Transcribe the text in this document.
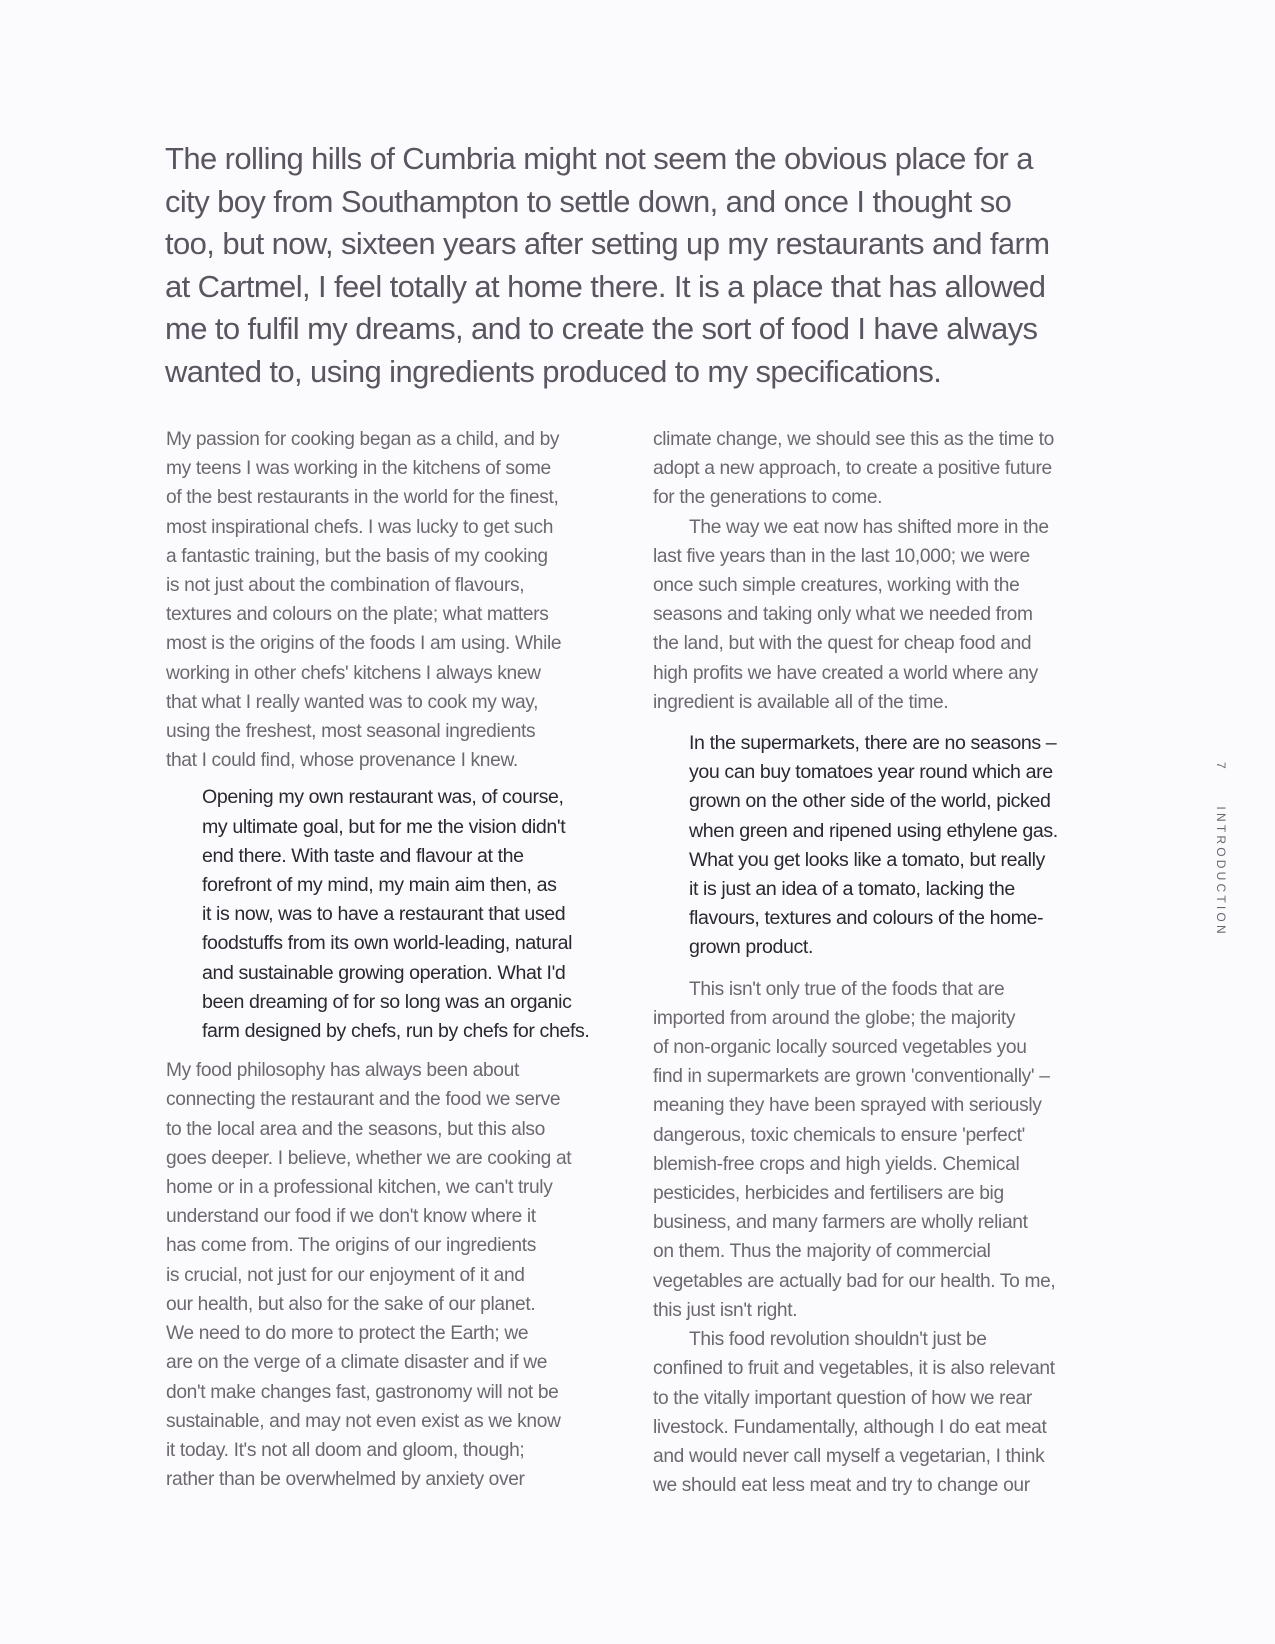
The rolling hills of Cumbria might not seem the obvious place for a
city boy from Southampton to settle down, and once I thought so
too, but now, sixteen years after setting up my restaurants and farm
at Cartmel, I feel totally at home there. It is a place that has allowed
me to fulfil my dreams, and to create the sort of food I have always
wanted to, using ingredients produced to my specifications.
My passion for cooking began as a child, and by
my teens I was working in the kitchens of some
of the best restaurants in the world for the finest,
most inspirational chefs. I was lucky to get such
a fantastic training, but the basis of my cooking
is not just about the combination of flavours,
textures and colours on the plate; what matters
most is the origins of the foods I am using. While
working in other chefs' kitchens I always knew
that what I really wanted was to cook my way,
using the freshest, most seasonal ingredients
that I could find, whose provenance I knew.
Opening my own restaurant was, of course,
my ultimate goal, but for me the vision didn't
end there. With taste and flavour at the
forefront of my mind, my main aim then, as
it is now, was to have a restaurant that used
foodstuffs from its own world-leading, natural
and sustainable growing operation. What I'd
been dreaming of for so long was an organic
farm designed by chefs, run by chefs for chefs.
My food philosophy has always been about
connecting the restaurant and the food we serve
to the local area and the seasons, but this also
goes deeper. I believe, whether we are cooking at
home or in a professional kitchen, we can't truly
understand our food if we don't know where it
has come from. The origins of our ingredients
is crucial, not just for our enjoyment of it and
our health, but also for the sake of our planet.
We need to do more to protect the Earth; we
are on the verge of a climate disaster and if we
don't make changes fast, gastronomy will not be
sustainable, and may not even exist as we know
it today. It's not all doom and gloom, though;
rather than be overwhelmed by anxiety over
climate change, we should see this as the time to
adopt a new approach, to create a positive future
for the generations to come.
The way we eat now has shifted more in the
last five years than in the last 10,000; we were
once such simple creatures, working with the
seasons and taking only what we needed from
the land, but with the quest for cheap food and
high profits we have created a world where any
ingredient is available all of the time.
In the supermarkets, there are no seasons –
you can buy tomatoes year round which are
grown on the other side of the world, picked
when green and ripened using ethylene gas.
What you get looks like a tomato, but really
it is just an idea of a tomato, lacking the
flavours, textures and colours of the home-
grown product.
This isn't only true of the foods that are
imported from around the globe; the majority
of non-organic locally sourced vegetables you
find in supermarkets are grown 'conventionally' –
meaning they have been sprayed with seriously
dangerous, toxic chemicals to ensure 'perfect'
blemish-free crops and high yields. Chemical
pesticides, herbicides and fertilisers are big
business, and many farmers are wholly reliant
on them. Thus the majority of commercial
vegetables are actually bad for our health. To me,
this just isn't right.
This food revolution shouldn't just be
confined to fruit and vegetables, it is also relevant
to the vitally important question of how we rear
livestock. Fundamentally, although I do eat meat
and would never call myself a vegetarian, I think
we should eat less meat and try to change our
7 INTRODUCTION
